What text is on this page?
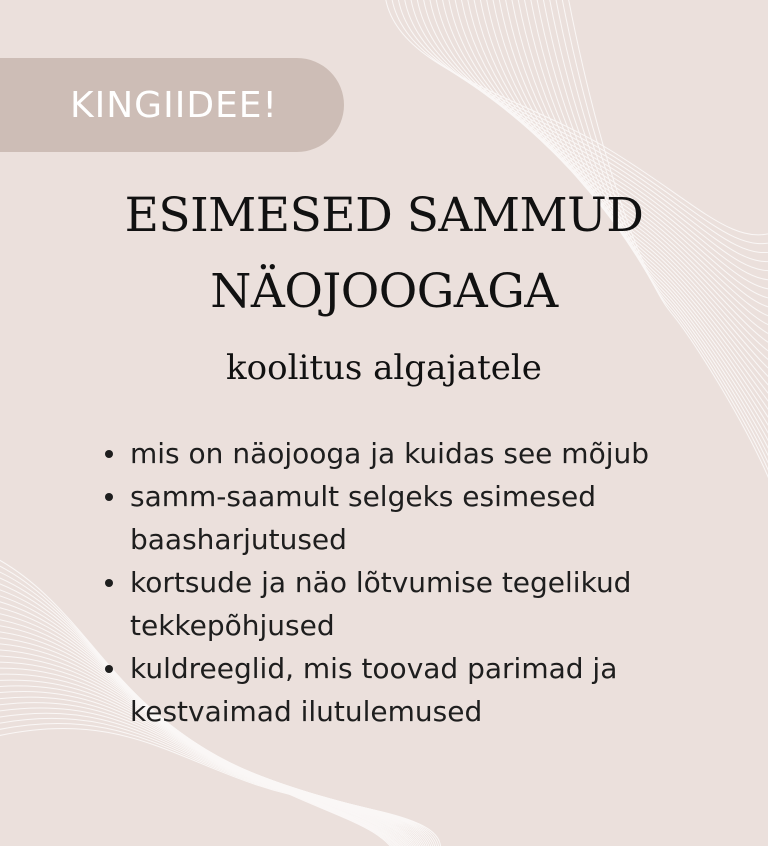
KINGIIDEE!
ESIMESED SAMMUD
NÄOJOOGAGA
koolitus algajatele
mis on näojooga ja kuidas see mõjub
samm-saamult selgeks esimesed
baasharjutused
kortsude ja näo lõtvumise tegelikud
tekkepõhjused
kuldreeglid, mis toovad parimad ja
kestvaimad ilutulemused
